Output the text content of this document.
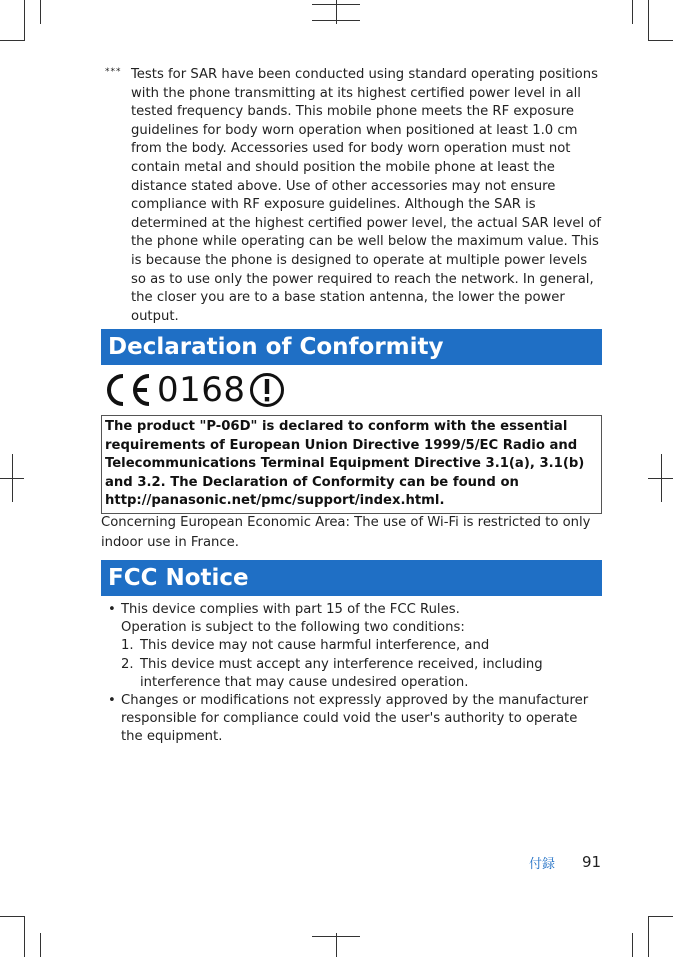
*** Tests for SAR have been conducted using standard operating positions with the phone transmitting at its highest certified power level in all tested frequency bands. This mobile phone meets the RF exposure guidelines for body worn operation when positioned at least 1.0 cm from the body. Accessories used for body worn operation must not contain metal and should position the mobile phone at least the distance stated above. Use of other accessories may not ensure compliance with RF exposure guidelines. Although the SAR is determined at the highest certified power level, the actual SAR level of the phone while operating can be well below the maximum value. This is because the phone is designed to operate at multiple power levels so as to use only the power required to reach the network. In general, the closer you are to a base station antenna, the lower the power output.

Declaration of Conformity
0168
The product "P-06D" is declared to conform with the essential requirements of European Union Directive 1999/5/EC Radio and Telecommunications Terminal Equipment Directive 3.1(a), 3.1(b) and 3.2. The Declaration of Conformity can be found on http://panasonic.net/pmc/support/index.html.
Concerning European Economic Area: The use of Wi-Fi is restricted to only indoor use in France.
FCC Notice
• This device complies with part 15 of the FCC Rules.
Operation is subject to the following two conditions:
1. This device may not cause harmful interference, and
2. This device must accept any interference received, including interference that may cause undesired operation.
• Changes or modifications not expressly approved by the manufacturer responsible for compliance could void the user's authority to operate the equipment.
付録 91
